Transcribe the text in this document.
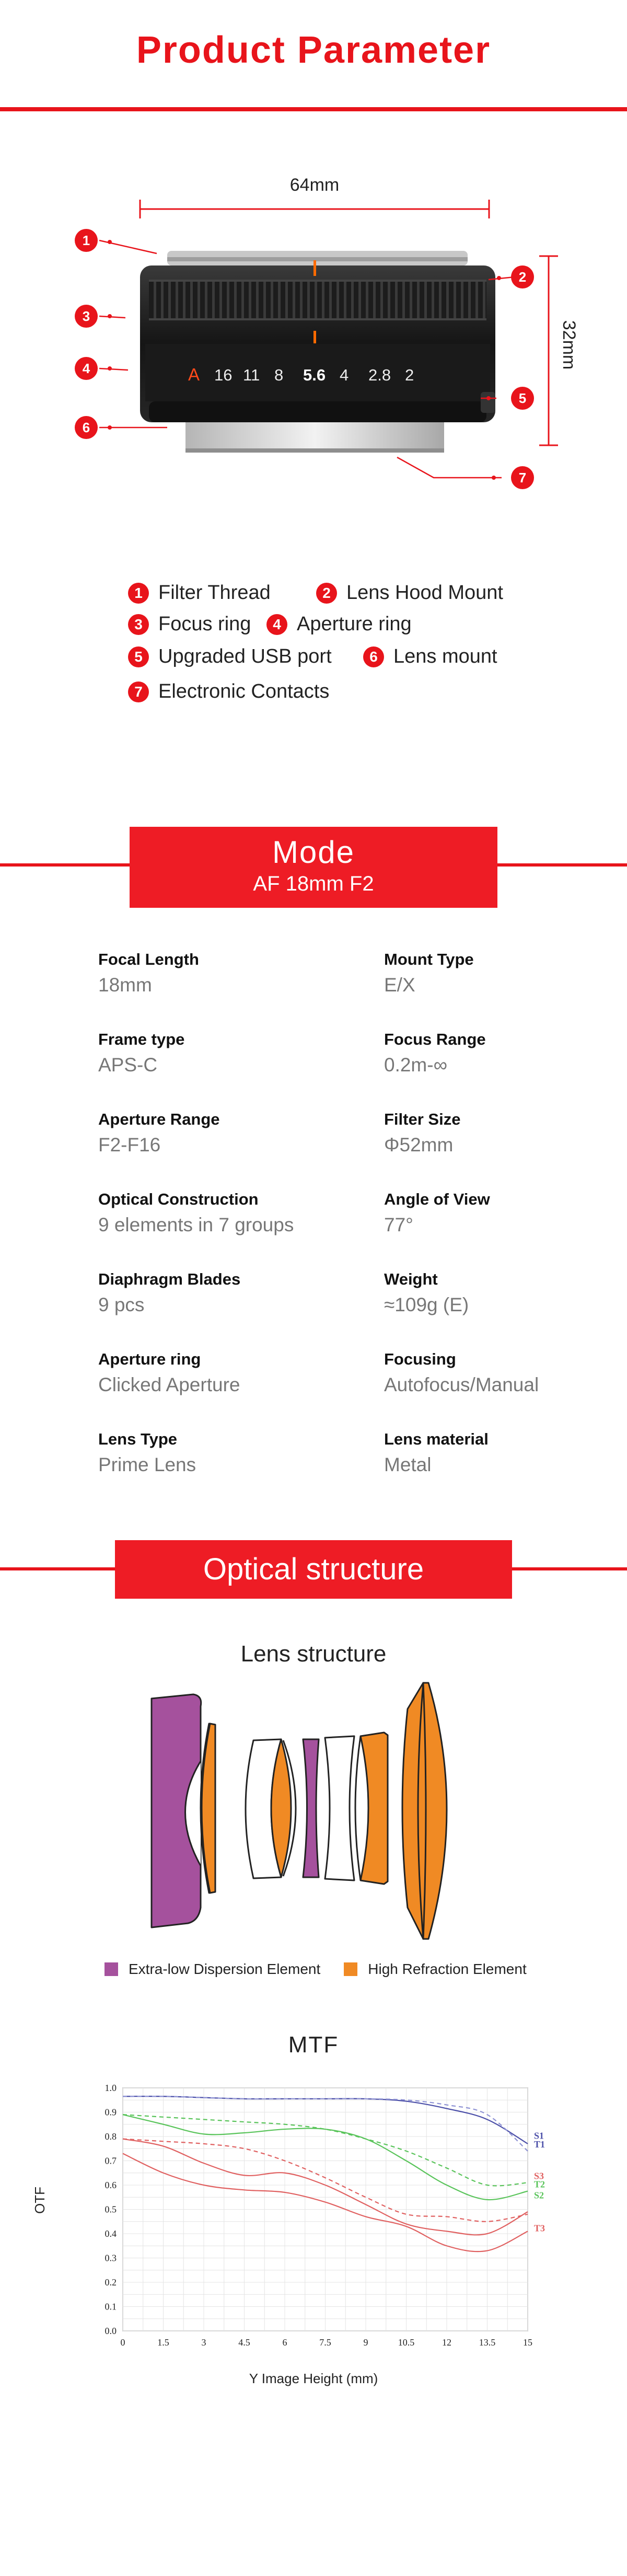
Product Parameter
64mm
32mm
A 16 11 8 5.6 4 2.8 2
1
2
3
4
5
6
7
1 Filter Thread	2 Lens Hood Mount
3 Focus ring	4 Aperture ring
5 Upgraded USB port	6 Lens mount
7 Electronic Contacts
Mode
AF 18mm F2
Focal Length
18mm
Mount Type
E/X
Frame type
APS-C
Focus Range
0.2m-∞
Aperture Range
F2-F16
Filter Size
Φ52mm
Optical Construction
9 elements in 7 groups
Angle of View
77°
Diaphragm Blades
9 pcs
Weight
≈109g (E)
Aperture ring
Clicked Aperture
Focusing
Autofocus/Manual
Lens Type
Prime Lens
Lens material
Metal
Optical structure
Lens structure
Extra-low Dispersion Element	High Refraction Element
MTF
0	1.5	3	4.5	6	7.5	9	10.5	12	13.5	15
0.0
0.1
0.2
0.3
0.4
0.5
0.6
0.7
0.8
0.9
1.0
S1
T1
S3
T2
S2
T3
OTF
Y Image Height (mm)
